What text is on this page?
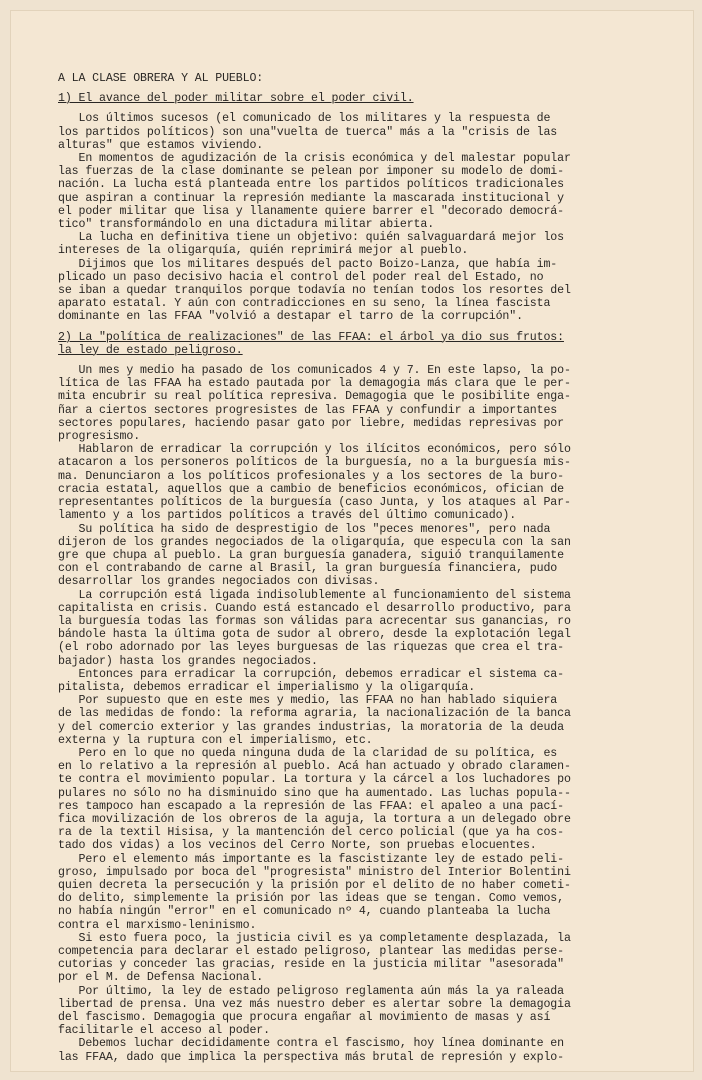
A LA CLASE OBRERA Y AL PUEBLO:
1) El avance del poder militar sobre el poder civil.
Los últimos sucesos (el comunicado de los militares y la respuesta de
los partidos políticos) son una"vuelta de tuerca" más a la "crisis de las
alturas" que estamos viviendo.
En momentos de agudización de la crisis económica y del malestar popular
las fuerzas de la clase dominante se pelean por imponer su modelo de domi-
nación. La lucha está planteada entre los partidos políticos tradicionales
que aspiran a continuar la represión mediante la mascarada institucional y
el poder militar que lisa y llanamente quiere barrer el "decorado democrá-
tico" transformándolo en una dictadura militar abierta.
La lucha en definitiva tiene un objetivo: quién salvaguardará mejor los
intereses de la oligarquía, quién reprimirá mejor al pueblo.
Dijimos que los militares después del pacto Boizo-Lanza, que había im-
plicado un paso decisivo hacia el control del poder real del Estado, no
se iban a quedar tranquilos porque todavía no tenían todos los resortes del
aparato estatal. Y aún con contradicciones en su seno, la línea fascista
dominante en las FFAA "volvió a destapar el tarro de la corrupción".
2) La "política de realizaciones" de las FFAA: el árbol ya dio sus frutos:
la ley de estado peligroso.
Un mes y medio ha pasado de los comunicados 4 y 7. En este lapso, la po-
lítica de las FFAA ha estado pautada por la demagogia más clara que le per-
mita encubrir su real política represiva. Demagogia que le posibilite enga-
ñar a ciertos sectores progresistes de las FFAA y confundir a importantes
sectores populares, haciendo pasar gato por liebre, medidas represivas por
progresismo.
Hablaron de erradicar la corrupción y los ilícitos económicos, pero sólo
atacaron a los personeros políticos de la burguesía, no a la burguesía mis-
ma. Denunciaron a los políticos profesionales y a los sectores de la buro-
cracia estatal, aquellos que a cambio de beneficios económicos, ofician de
representantes políticos de la burguesía (caso Junta, y los ataques al Par-
lamento y a los partidos políticos a través del último comunicado).
Su política ha sido de desprestigio de los "peces menores", pero nada
dijeron de los grandes negociados de la oligarquía, que especula con la san
gre que chupa al pueblo. La gran burguesía ganadera, siguió tranquilamente
con el contrabando de carne al Brasil, la gran burguesía financiera, pudo
desarrollar los grandes negociados con divisas.
La corrupción está ligada indisolublemente al funcionamiento del sistema
capitalista en crisis. Cuando está estancado el desarrollo productivo, para
la burguesía todas las formas son válidas para acrecentar sus ganancias, ro
bándole hasta la última gota de sudor al obrero, desde la explotación legal
(el robo adornado por las leyes burguesas de las riquezas que crea el tra-
bajador) hasta los grandes negociados.
Entonces para erradicar la corrupción, debemos erradicar el sistema ca-
pitalista, debemos erradicar el imperialismo y la oligarquía.
Por supuesto que en este mes y medio, las FFAA no han hablado siquiera
de las medidas de fondo: la reforma agraria, la nacionalización de la banca
y del comercio exterior y las grandes industrias, la moratoria de la deuda
externa y la ruptura con el imperialismo, etc.
Pero en lo que no queda ninguna duda de la claridad de su política, es
en lo relativo a la represión al pueblo. Acá han actuado y obrado claramen-
te contra el movimiento popular. La tortura y la cárcel a los luchadores po
pulares no sólo no ha disminuido sino que ha aumentado. Las luchas popula--
res tampoco han escapado a la represión de las FFAA: el apaleo a una pací-
fica movilización de los obreros de la aguja, la tortura a un delegado obre
ra de la textil Hisisa, y la mantención del cerco policial (que ya ha cos-
tado dos vidas) a los vecinos del Cerro Norte, son pruebas elocuentes.
Pero el elemento más importante es la fascistizante ley de estado peli-
groso, impulsado por boca del "progresista" ministro del Interior Bolentini
quien decreta la persecución y la prisión por el delito de no haber cometi-
do delito, simplemente la prisión por las ideas que se tengan. Como vemos,
no había ningún "error" en el comunicado nº 4, cuando planteaba la lucha
contra el marxismo-leninismo.
Si esto fuera poco, la justicia civil es ya completamente desplazada, la
competencia para declarar el estado peligroso, plantear las medidas perse-
cutorias y conceder las gracias, reside en la justicia militar "asesorada"
por el M. de Defensa Nacional.
Por último, la ley de estado peligroso reglamenta aún más la ya raleada
libertad de prensa. Una vez más nuestro deber es alertar sobre la demagogia
del fascismo. Demagogia que procura engañar al movimiento de masas y así
facilitarle el acceso al poder.
Debemos luchar decididamente contra el fascismo, hoy línea dominante en
las FFAA, dado que implica la perspectiva más brutal de represión y explo-
